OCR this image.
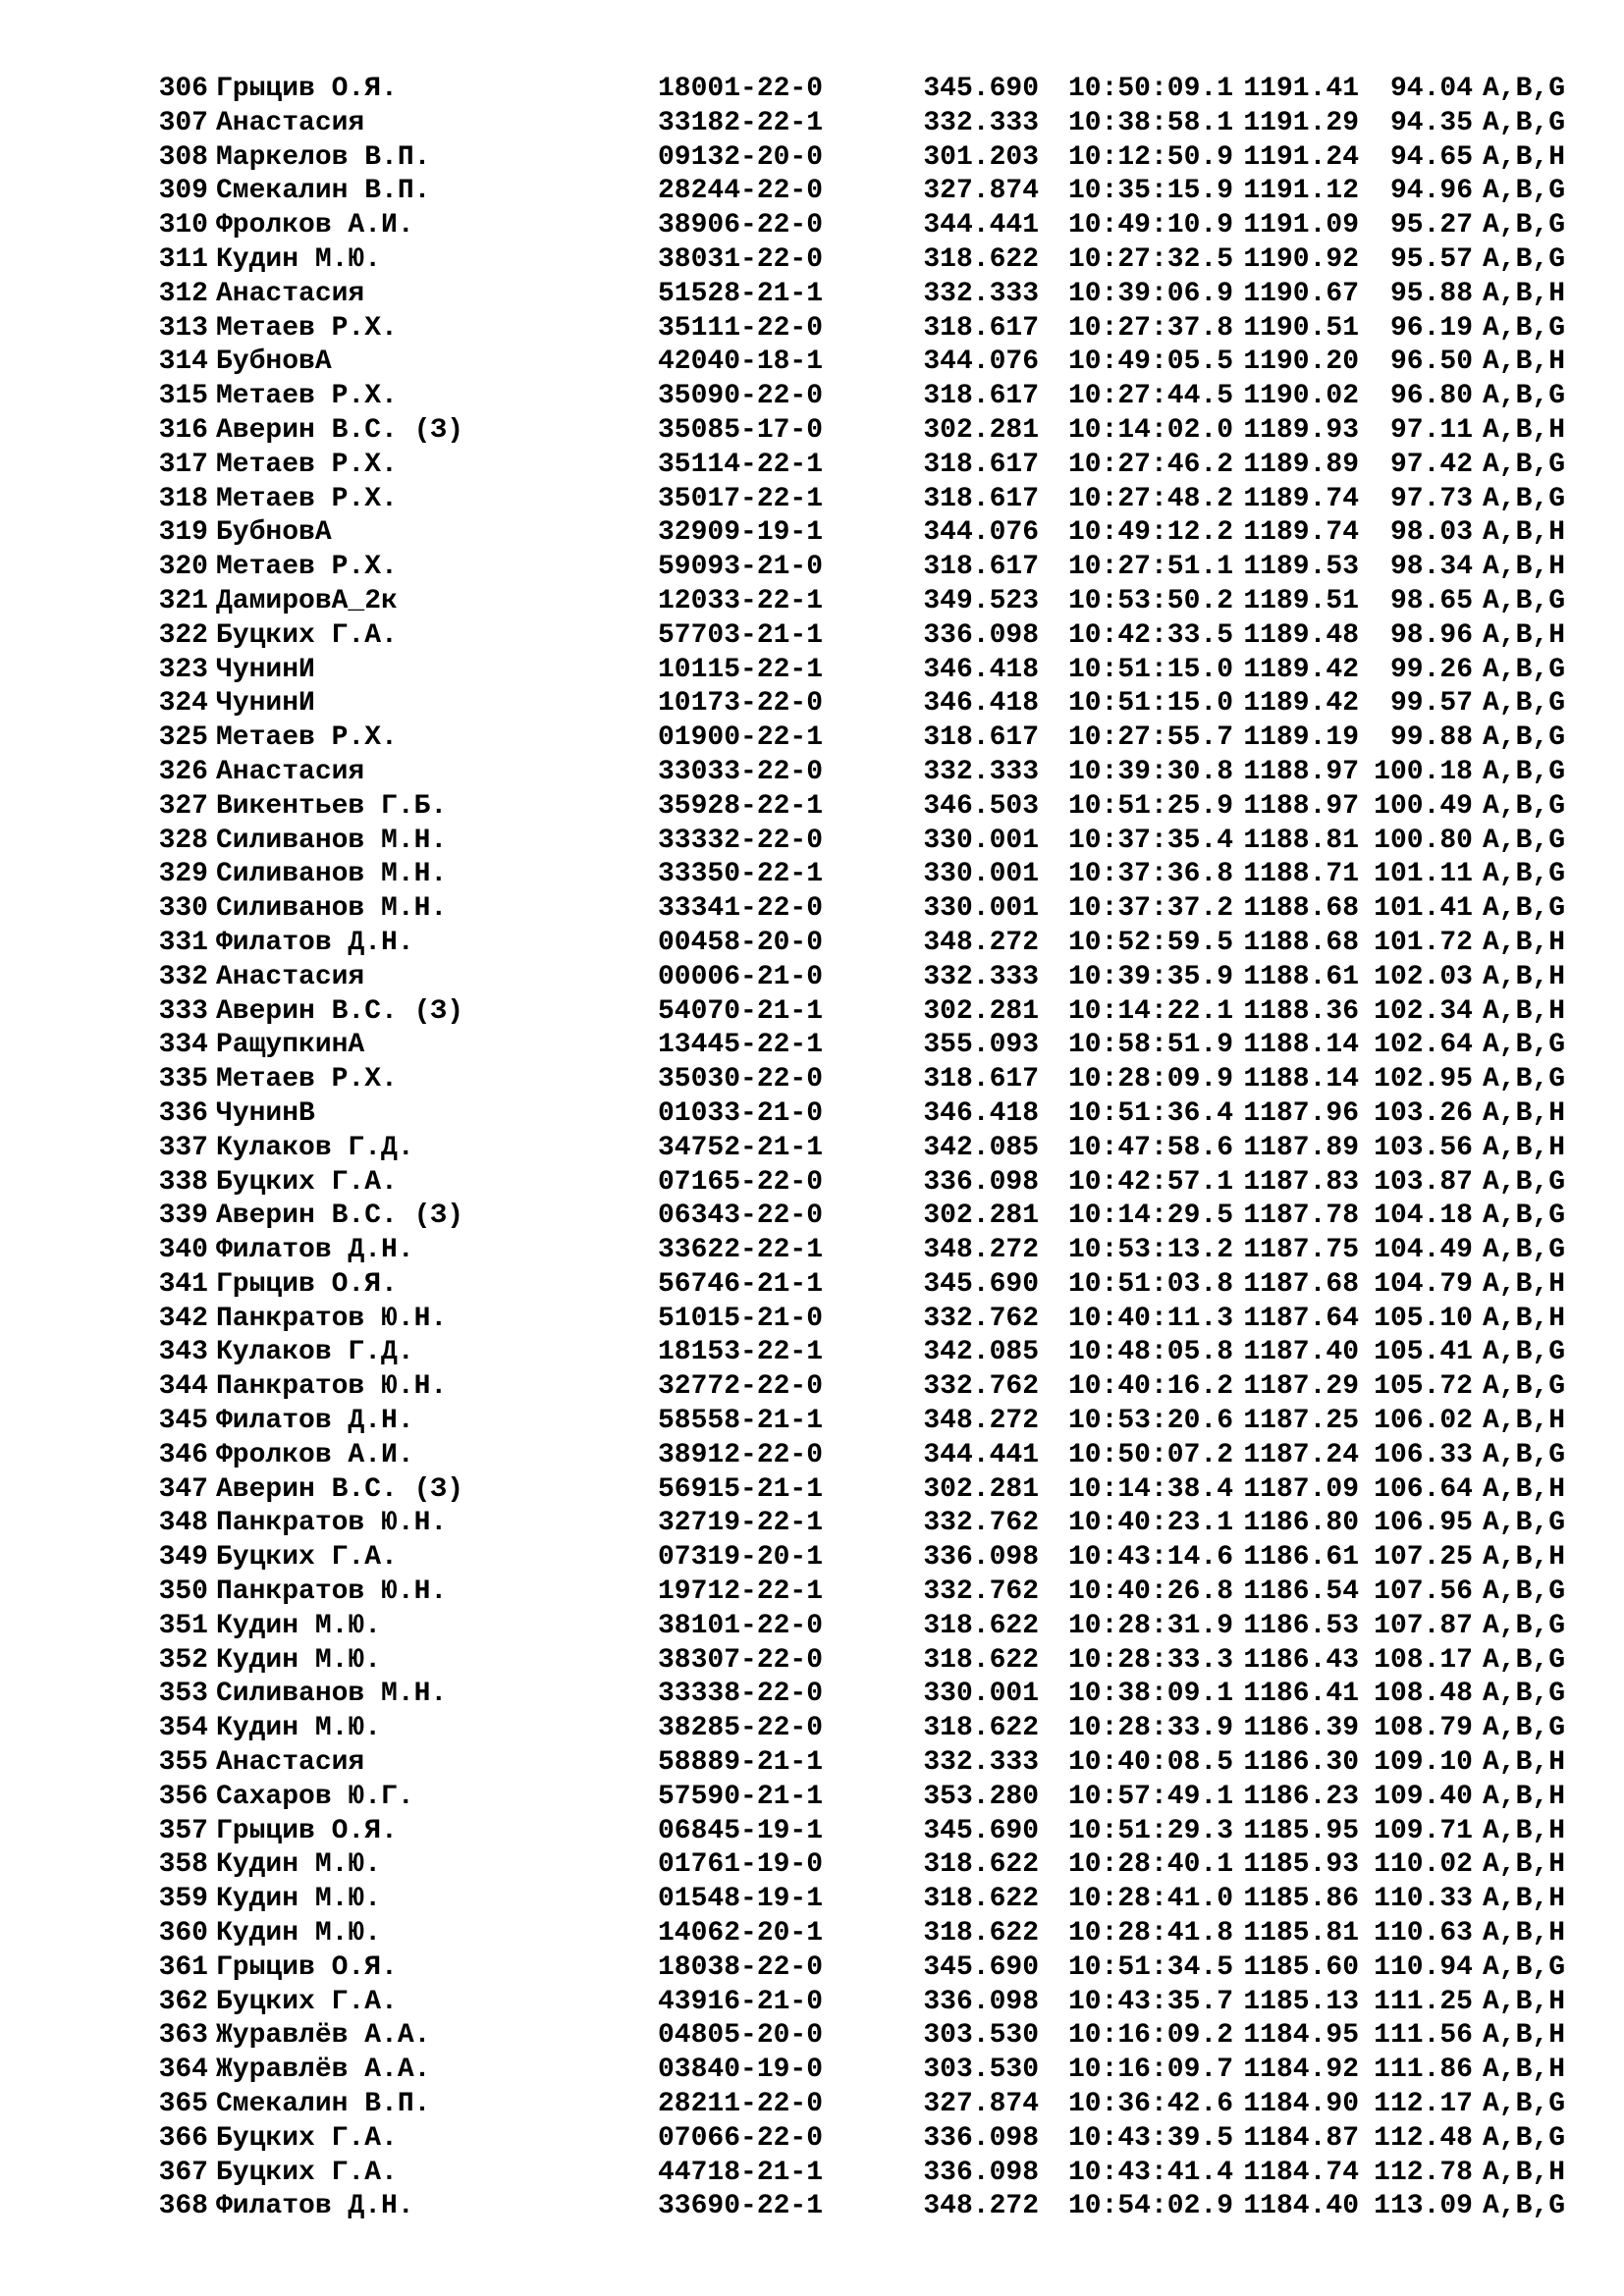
306 Грыцив О.Я.	18001-22-0	345.690	10:50:09.1 1191.41	94.04 A,B,G
307 Анастасия	33182-22-1	332.333	10:38:58.1 1191.29	94.35 A,B,G
308 Маркелов В.П.	09132-20-0	301.203	10:12:50.9 1191.24	94.65 A,B,H
309 Смекалин В.П.	28244-22-0	327.874	10:35:15.9 1191.12	94.96 A,B,G
310 Фролков А.И.	38906-22-0	344.441	10:49:10.9 1191.09	95.27 A,B,G
311 Кудин М.Ю.	38031-22-0	318.622	10:27:32.5 1190.92	95.57 A,B,G
312 Анастасия	51528-21-1	332.333	10:39:06.9 1190.67	95.88 A,B,H
313 Метаев Р.Х.	35111-22-0	318.617	10:27:37.8 1190.51	96.19 A,B,G
314 БубновА	42040-18-1	344.076	10:49:05.5 1190.20	96.50 A,B,H
315 Метаев Р.Х.	35090-22-0	318.617	10:27:44.5 1190.02	96.80 A,B,G
316 Аверин В.С. (З)	35085-17-0	302.281	10:14:02.0 1189.93	97.11 A,B,H
317 Метаев Р.Х.	35114-22-1	318.617	10:27:46.2 1189.89	97.42 A,B,G
318 Метаев Р.Х.	35017-22-1	318.617	10:27:48.2 1189.74	97.73 A,B,G
319 БубновА	32909-19-1	344.076	10:49:12.2 1189.74	98.03 A,B,H
320 Метаев Р.Х.	59093-21-0	318.617	10:27:51.1 1189.53	98.34 A,B,H
321 ДамировА_2к	12033-22-1	349.523	10:53:50.2 1189.51	98.65 A,B,G
322 Буцких Г.А.	57703-21-1	336.098	10:42:33.5 1189.48	98.96 A,B,H
323 ЧунинИ	10115-22-1	346.418	10:51:15.0 1189.42	99.26 A,B,G
324 ЧунинИ	10173-22-0	346.418	10:51:15.0 1189.42	99.57 A,B,G
325 Метаев Р.Х.	01900-22-1	318.617	10:27:55.7 1189.19	99.88 A,B,G
326 Анастасия	33033-22-0	332.333	10:39:30.8 1188.97 100.18 A,B,G
327 Викентьев Г.Б.	35928-22-1	346.503	10:51:25.9 1188.97 100.49 A,B,G
328 Силиванов М.Н.	33332-22-0	330.001	10:37:35.4 1188.81 100.80 A,B,G
329 Силиванов М.Н.	33350-22-1	330.001	10:37:36.8 1188.71 101.11 A,B,G
330 Силиванов М.Н.	33341-22-0	330.001	10:37:37.2 1188.68 101.41 A,B,G
331 Филатов Д.Н.	00458-20-0	348.272	10:52:59.5 1188.68 101.72 A,B,H
332 Анастасия	00006-21-0	332.333	10:39:35.9 1188.61 102.03 A,B,H
333 Аверин В.С. (З)	54070-21-1	302.281	10:14:22.1 1188.36 102.34 A,B,H
334 РащупкинА	13445-22-1	355.093	10:58:51.9 1188.14 102.64 A,B,G
335 Метаев Р.Х.	35030-22-0	318.617	10:28:09.9 1188.14 102.95 A,B,G
336 ЧунинВ	01033-21-0	346.418	10:51:36.4 1187.96 103.26 A,B,H
337 Кулаков Г.Д.	34752-21-1	342.085	10:47:58.6 1187.89 103.56 A,B,H
338 Буцких Г.А.	07165-22-0	336.098	10:42:57.1 1187.83 103.87 A,B,G
339 Аверин В.С. (З)	06343-22-0	302.281	10:14:29.5 1187.78 104.18 A,B,G
340 Филатов Д.Н.	33622-22-1	348.272	10:53:13.2 1187.75 104.49 A,B,G
341 Грыцив О.Я.	56746-21-1	345.690	10:51:03.8 1187.68 104.79 A,B,H
342 Панкратов Ю.Н.	51015-21-0	332.762	10:40:11.3 1187.64 105.10 A,B,H
343 Кулаков Г.Д.	18153-22-1	342.085	10:48:05.8 1187.40 105.41 A,B,G
344 Панкратов Ю.Н.	32772-22-0	332.762	10:40:16.2 1187.29 105.72 A,B,G
345 Филатов Д.Н.	58558-21-1	348.272	10:53:20.6 1187.25 106.02 A,B,H
346 Фролков А.И.	38912-22-0	344.441	10:50:07.2 1187.24 106.33 A,B,G
347 Аверин В.С. (З)	56915-21-1	302.281	10:14:38.4 1187.09 106.64 A,B,H
348 Панкратов Ю.Н.	32719-22-1	332.762	10:40:23.1 1186.80 106.95 A,B,G
349 Буцких Г.А.	07319-20-1	336.098	10:43:14.6 1186.61 107.25 A,B,H
350 Панкратов Ю.Н.	19712-22-1	332.762	10:40:26.8 1186.54 107.56 A,B,G
351 Кудин М.Ю.	38101-22-0	318.622	10:28:31.9 1186.53 107.87 A,B,G
352 Кудин М.Ю.	38307-22-0	318.622	10:28:33.3 1186.43 108.17 A,B,G
353 Силиванов М.Н.	33338-22-0	330.001	10:38:09.1 1186.41 108.48 A,B,G
354 Кудин М.Ю.	38285-22-0	318.622	10:28:33.9 1186.39 108.79 A,B,G
355 Анастасия	58889-21-1	332.333	10:40:08.5 1186.30 109.10 A,B,H
356 Сахаров Ю.Г.	57590-21-1	353.280	10:57:49.1 1186.23 109.40 A,B,H
357 Грыцив О.Я.	06845-19-1	345.690	10:51:29.3 1185.95 109.71 A,B,H
358 Кудин М.Ю.	01761-19-0	318.622	10:28:40.1 1185.93 110.02 A,B,H
359 Кудин М.Ю.	01548-19-1	318.622	10:28:41.0 1185.86 110.33 A,B,H
360 Кудин М.Ю.	14062-20-1	318.622	10:28:41.8 1185.81 110.63 A,B,H
361 Грыцив О.Я.	18038-22-0	345.690	10:51:34.5 1185.60 110.94 A,B,G
362 Буцких Г.А.	43916-21-0	336.098	10:43:35.7 1185.13 111.25 A,B,H
363 Журавлёв А.А.	04805-20-0	303.530	10:16:09.2 1184.95 111.56 A,B,H
364 Журавлёв А.А.	03840-19-0	303.530	10:16:09.7 1184.92 111.86 A,B,H
365 Смекалин В.П.	28211-22-0	327.874	10:36:42.6 1184.90 112.17 A,B,G
366 Буцких Г.А.	07066-22-0	336.098	10:43:39.5 1184.87 112.48 A,B,G
367 Буцких Г.А.	44718-21-1	336.098	10:43:41.4 1184.74 112.78 A,B,H
368 Филатов Д.Н.	33690-22-1	348.272	10:54:02.9 1184.40 113.09 A,B,G
